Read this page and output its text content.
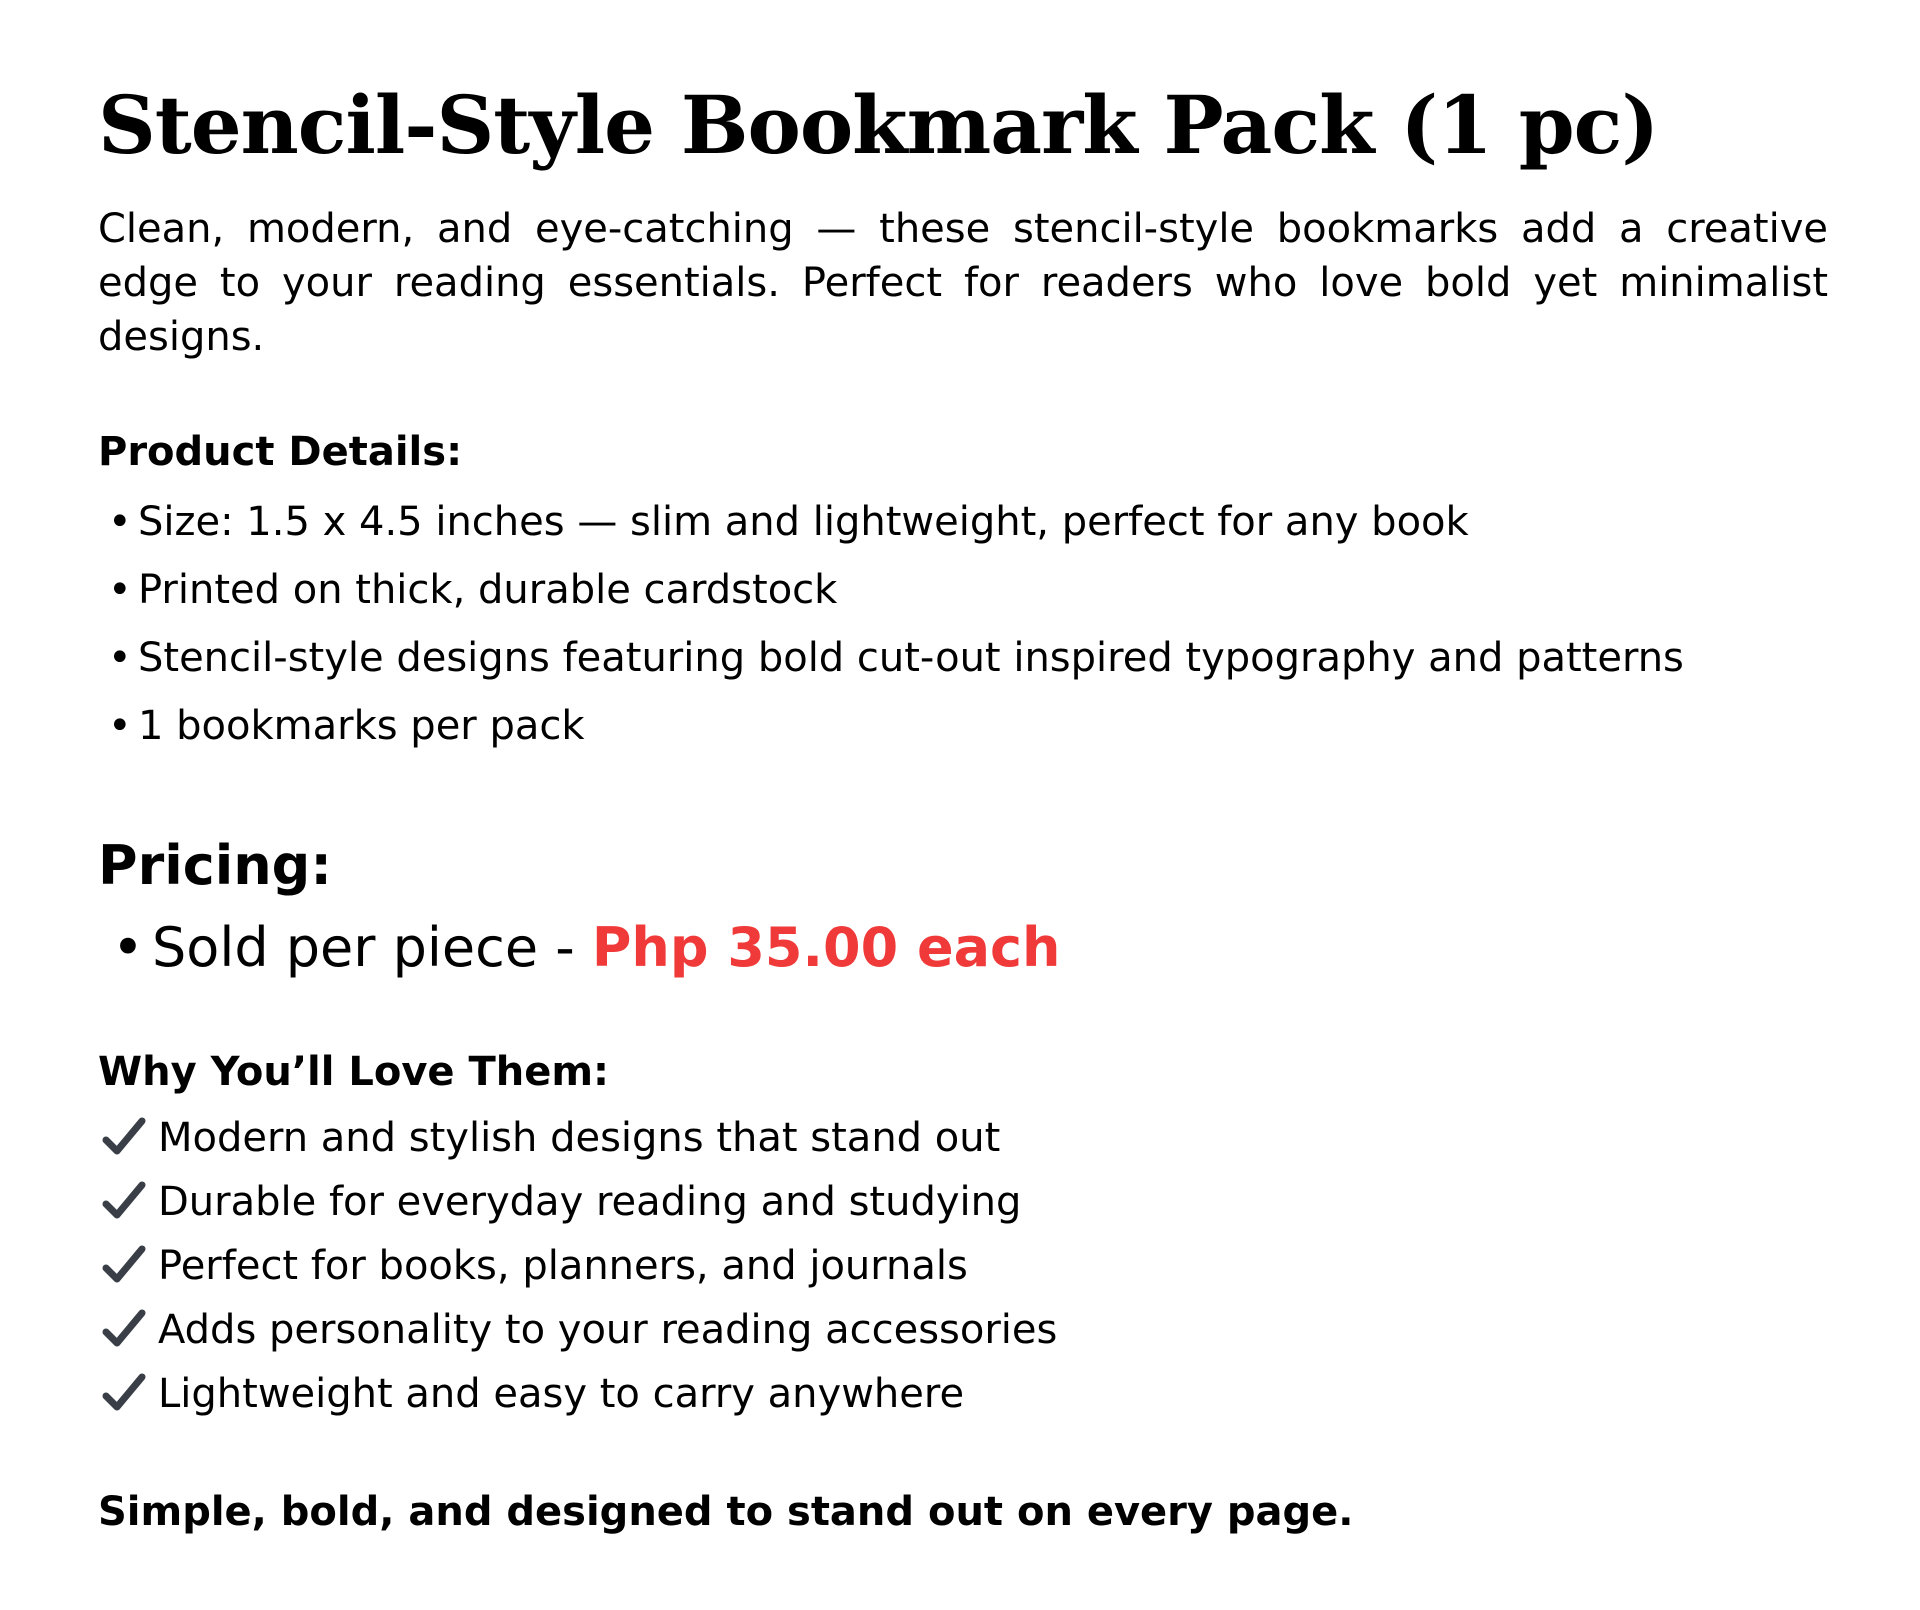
Stencil-Style Bookmark Pack (1 pc)

Clean, modern, and eye-catching — these stencil-style bookmarks add a creative edge to your reading essentials. Perfect for readers who love bold yet minimalist designs.

Product Details:
• Size: 1.5 x 4.5 inches — slim and lightweight, perfect for any book
• Printed on thick, durable cardstock
• Stencil-style designs featuring bold cut-out inspired typography and patterns
• 1 bookmarks per pack
Pricing:
• Sold per piece - Php 35.00 each
Why You’ll Love Them:
Modern and stylish designs that stand out
Durable for everyday reading and studying
Perfect for books, planners, and journals
Adds personality to your reading accessories
Lightweight and easy to carry anywhere
Simple, bold, and designed to stand out on every page.
